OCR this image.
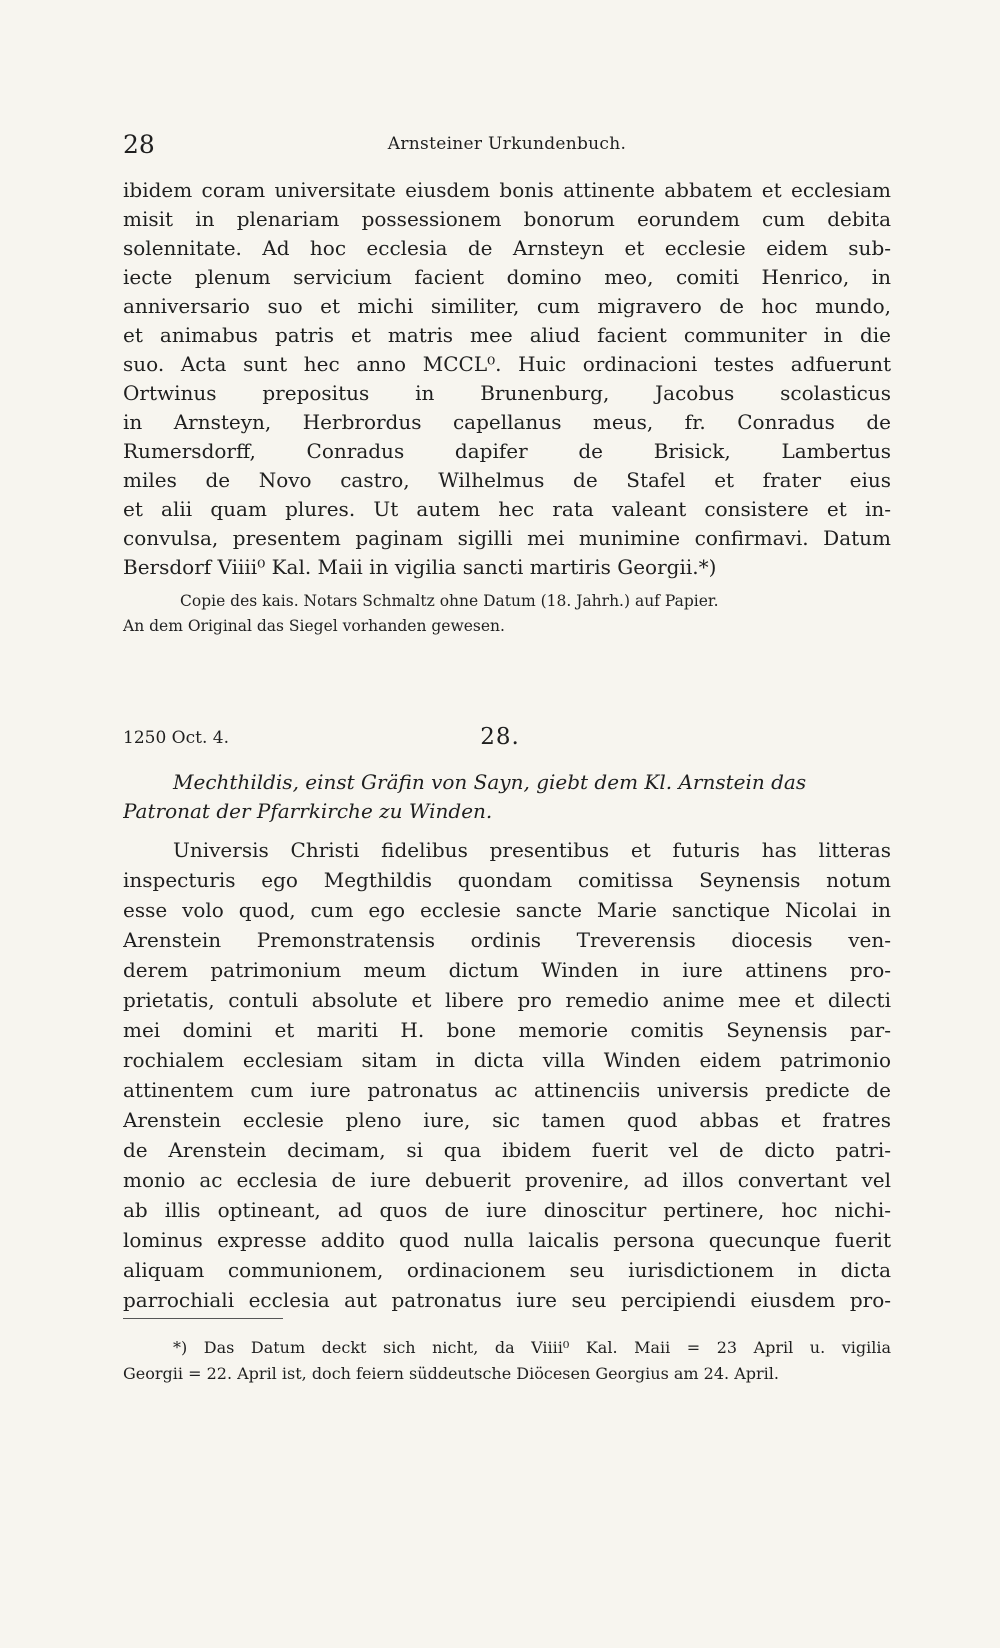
28	Arnsteiner Urkundenbuch.
ibidem coram universitate eiusdem bonis attinente abbatem et ecclesiam
misit in plenariam possessionem bonorum eorundem cum debita
solennitate. Ad hoc ecclesia de Arnsteyn et ecclesie eidem sub-
iecte plenum servicium facient domino meo, comiti Henrico, in
anniversario suo et michi similiter, cum migravero de hoc mundo,
et animabus patris et matris mee aliud facient communiter in die
suo. Acta sunt hec anno MCCL⁰. Huic ordinacioni testes adfuerunt
Ortwinus prepositus in Brunenburg, Jacobus scolasticus
in Arnsteyn, Herbrordus capellanus meus, fr. Conradus de
Rumersdorff, Conradus dapifer de Brisick, Lambertus
miles de Novo castro, Wilhelmus de Stafel et frater eius
et alii quam plures. Ut autem hec rata valeant consistere et in-
convulsa, presentem paginam sigilli mei munimine confirmavi. Datum
Bersdorf Viiii⁰ Kal. Maii in vigilia sancti martiris Georgii.*)
Copie des kais. Notars Schmaltz ohne Datum (18. Jahrh.) auf Papier.
An dem Original das Siegel vorhanden gewesen.
1250 Oct. 4.	28.
Mechthildis, einst Gräfin von Sayn, giebt dem Kl. Arnstein das
Patronat der Pfarrkirche zu Winden.
Universis Christi fidelibus presentibus et futuris has litteras
inspecturis ego Megthildis quondam comitissa Seynensis notum
esse volo quod, cum ego ecclesie sancte Marie sanctique Nicolai in
Arenstein Premonstratensis ordinis Treverensis diocesis ven-
derem patrimonium meum dictum Winden in iure attinens pro-
prietatis, contuli absolute et libere pro remedio anime mee et dilecti
mei domini et mariti H. bone memorie comitis Seynensis par-
rochialem ecclesiam sitam in dicta villa Winden eidem patrimonio
attinentem cum iure patronatus ac attinenciis universis predicte de
Arenstein ecclesie pleno iure, sic tamen quod abbas et fratres
de Arenstein decimam, si qua ibidem fuerit vel de dicto patri-
monio ac ecclesia de iure debuerit provenire, ad illos convertant vel
ab illis optineant, ad quos de iure dinoscitur pertinere, hoc nichi-
lominus expresse addito quod nulla laicalis persona quecunque fuerit
aliquam communionem, ordinacionem seu iurisdictionem in dicta
parrochiali ecclesia aut patronatus iure seu percipiendi eiusdem pro-
*) Das Datum deckt sich nicht, da Viiii⁰ Kal. Maii = 23 April u. vigilia
Georgii = 22. April ist, doch feiern süddeutsche Diöcesen Georgius am 24. April.
